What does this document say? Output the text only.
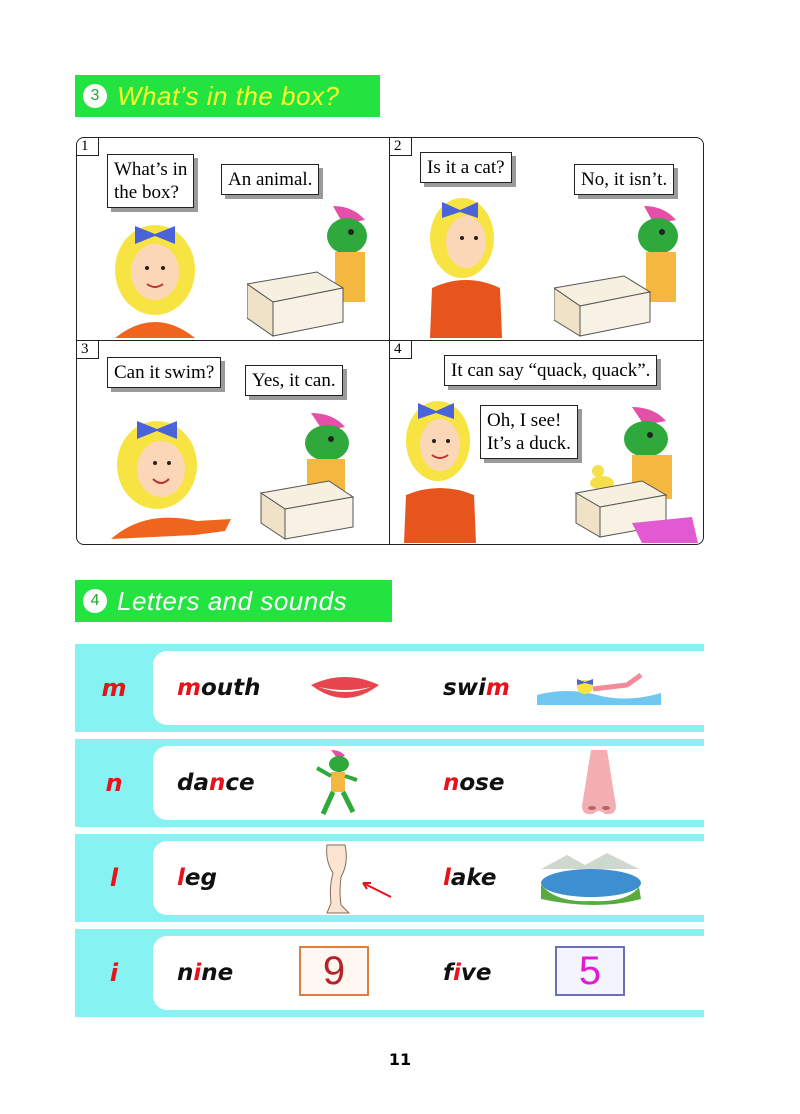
3 What’s in the box?
1
What’s in
the box?
An animal.
2
Is it a cat?
No, it isn’t.
3
Can it swim? Yes, it can.
4
It can say “quack, quack”.
Oh, I see!
It’s a duck.
4 Letters and sounds
m	m outh	swi m
n	da n ce	n ose
l	l eg	l ake
i	n i ne	9	f i ve	5
11
